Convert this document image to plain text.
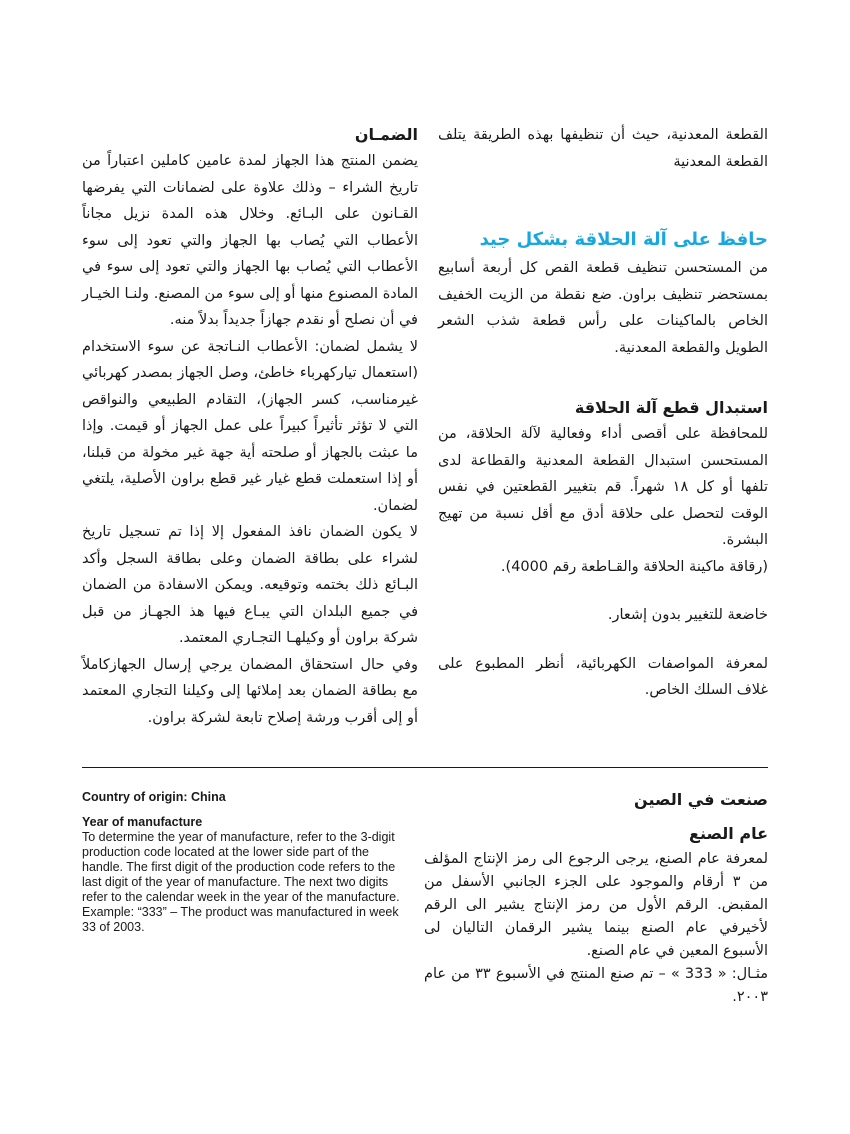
الضمـان

يضمن المنتج هذا الجهاز لمدة عامين كاملين اعتباراً من تاريخ الشراء – وذلك علاوة على لضمانات التي يفرضها القـانون على البـائع. وخلال هذه المدة نزيل مجاناً الأعطاب التي يُصاب بها الجهاز والتي تعود إلى سوء الأعطاب التي يُصاب بها الجهاز والتي تعود إلى سوء في المادة المصنوع منها أو إلى سوء من المصنع. ولنـا الخيـار في أن نصلح أو نقدم جهازاً جديداً بدلاً منه.

لا يشمل لضمان: الأعطاب النـاتجة عن سوء الاستخدام (استعمال تياركهرباء خاطئ، وصل الجهاز بمصدر كهربائي غيرمناسب، كسر الجهاز)، التقادم الطبيعي والنواقص التي لا تؤثر تأثيراً كبيراً على عمل الجهاز أو قيمت. وإذا ما عبثت بالجهاز أو صلحته أية جهة غير مخولة من قبلنا، أو إذا استعملت قطع غيار غير قطع براون الأصلية، يلتغي لضمان.

لا يكون الضمان نافذ المفعول إلا إذا تم تسجيل تاريخ لشراء على بطاقة الضمان وعلى بطاقة السجل وأكد البـائع ذلك بختمه وتوقيعه. ويمكن الاسفادة من الضمان في جميع البلدان التي يبـاع فيها هذ الجهـاز من قبل شركة براون أو وكيلهـا التجـاري المعتمد.

وفي حال استحقاق المضمان يرجي إرسال الجهازكاملاً مع بطاقة الضمان بعد إملائها إلى وكيلنا التجاري المعتمد أو إلى أقرب ورشة إصلاح تابعة لشركة براون.

القطعة المعدنية، حيث أن تنظيفها بهذه الطريقة يتلف القطعة المعدنية

حافظ على آلة الحلاقة بشكل جيد

من المستحسن تنظيف قطعة القص كل أربعة أسابيع بمستحضر تنظيف براون. ضع نقطة من الزيت الخفيف الخاص بالماكينات على رأس قطعة شذب الشعر الطويل والقطعة المعدنية.

استبدال قطع آلة الحلاقة

للمحافظة على أقصى أداء وفعالية لآلة الحلاقة، من المستحسن استبدال القطعة المعدنية والقطاعة لدى تلفها أو كل ١٨ شهراً. قم بتغيير القطعتين في نفس الوقت لتحصل على حلاقة أدق مع أقل نسبة من تهيج البشرة.

(رقاقة ماكينة الحلاقة والقـاطعة رقم 4000).

خاضعة للتغيير بدون إشعار.

لمعرفة المواصفات الكهربائية، أنظر المطبوع على غلاف السلك الخاص.

Country of origin: China

Year of manufacture

To determine the year of manufacture, refer to the 3-digit production code located at the lower side part of the handle. The first digit of the production code refers to the last digit of the year of manufacture. The next two digits refer to the calendar week in the year of the manufacture.

Example: “333” – The product was manufactured in week 33 of 2003.

صنعت في الصين

عام الصنع

لمعرفة عام الصنع، يرجى الرجوع الى رمز الإنتاج المؤلف من ٣ أرقام والموجود على الجزء الجانبي الأسفل من المقبض. الرقم الأول من رمز الإنتاج يشير الى الرقم لأخيرفي عام الصنع بينما يشير الرقمان التاليان لى الأسبوع المعين في عام الصنع.

مثـال: « 333 » – تم صنع المنتج في الأسبوع ٣٣ من عام ٢٠٠٣.
